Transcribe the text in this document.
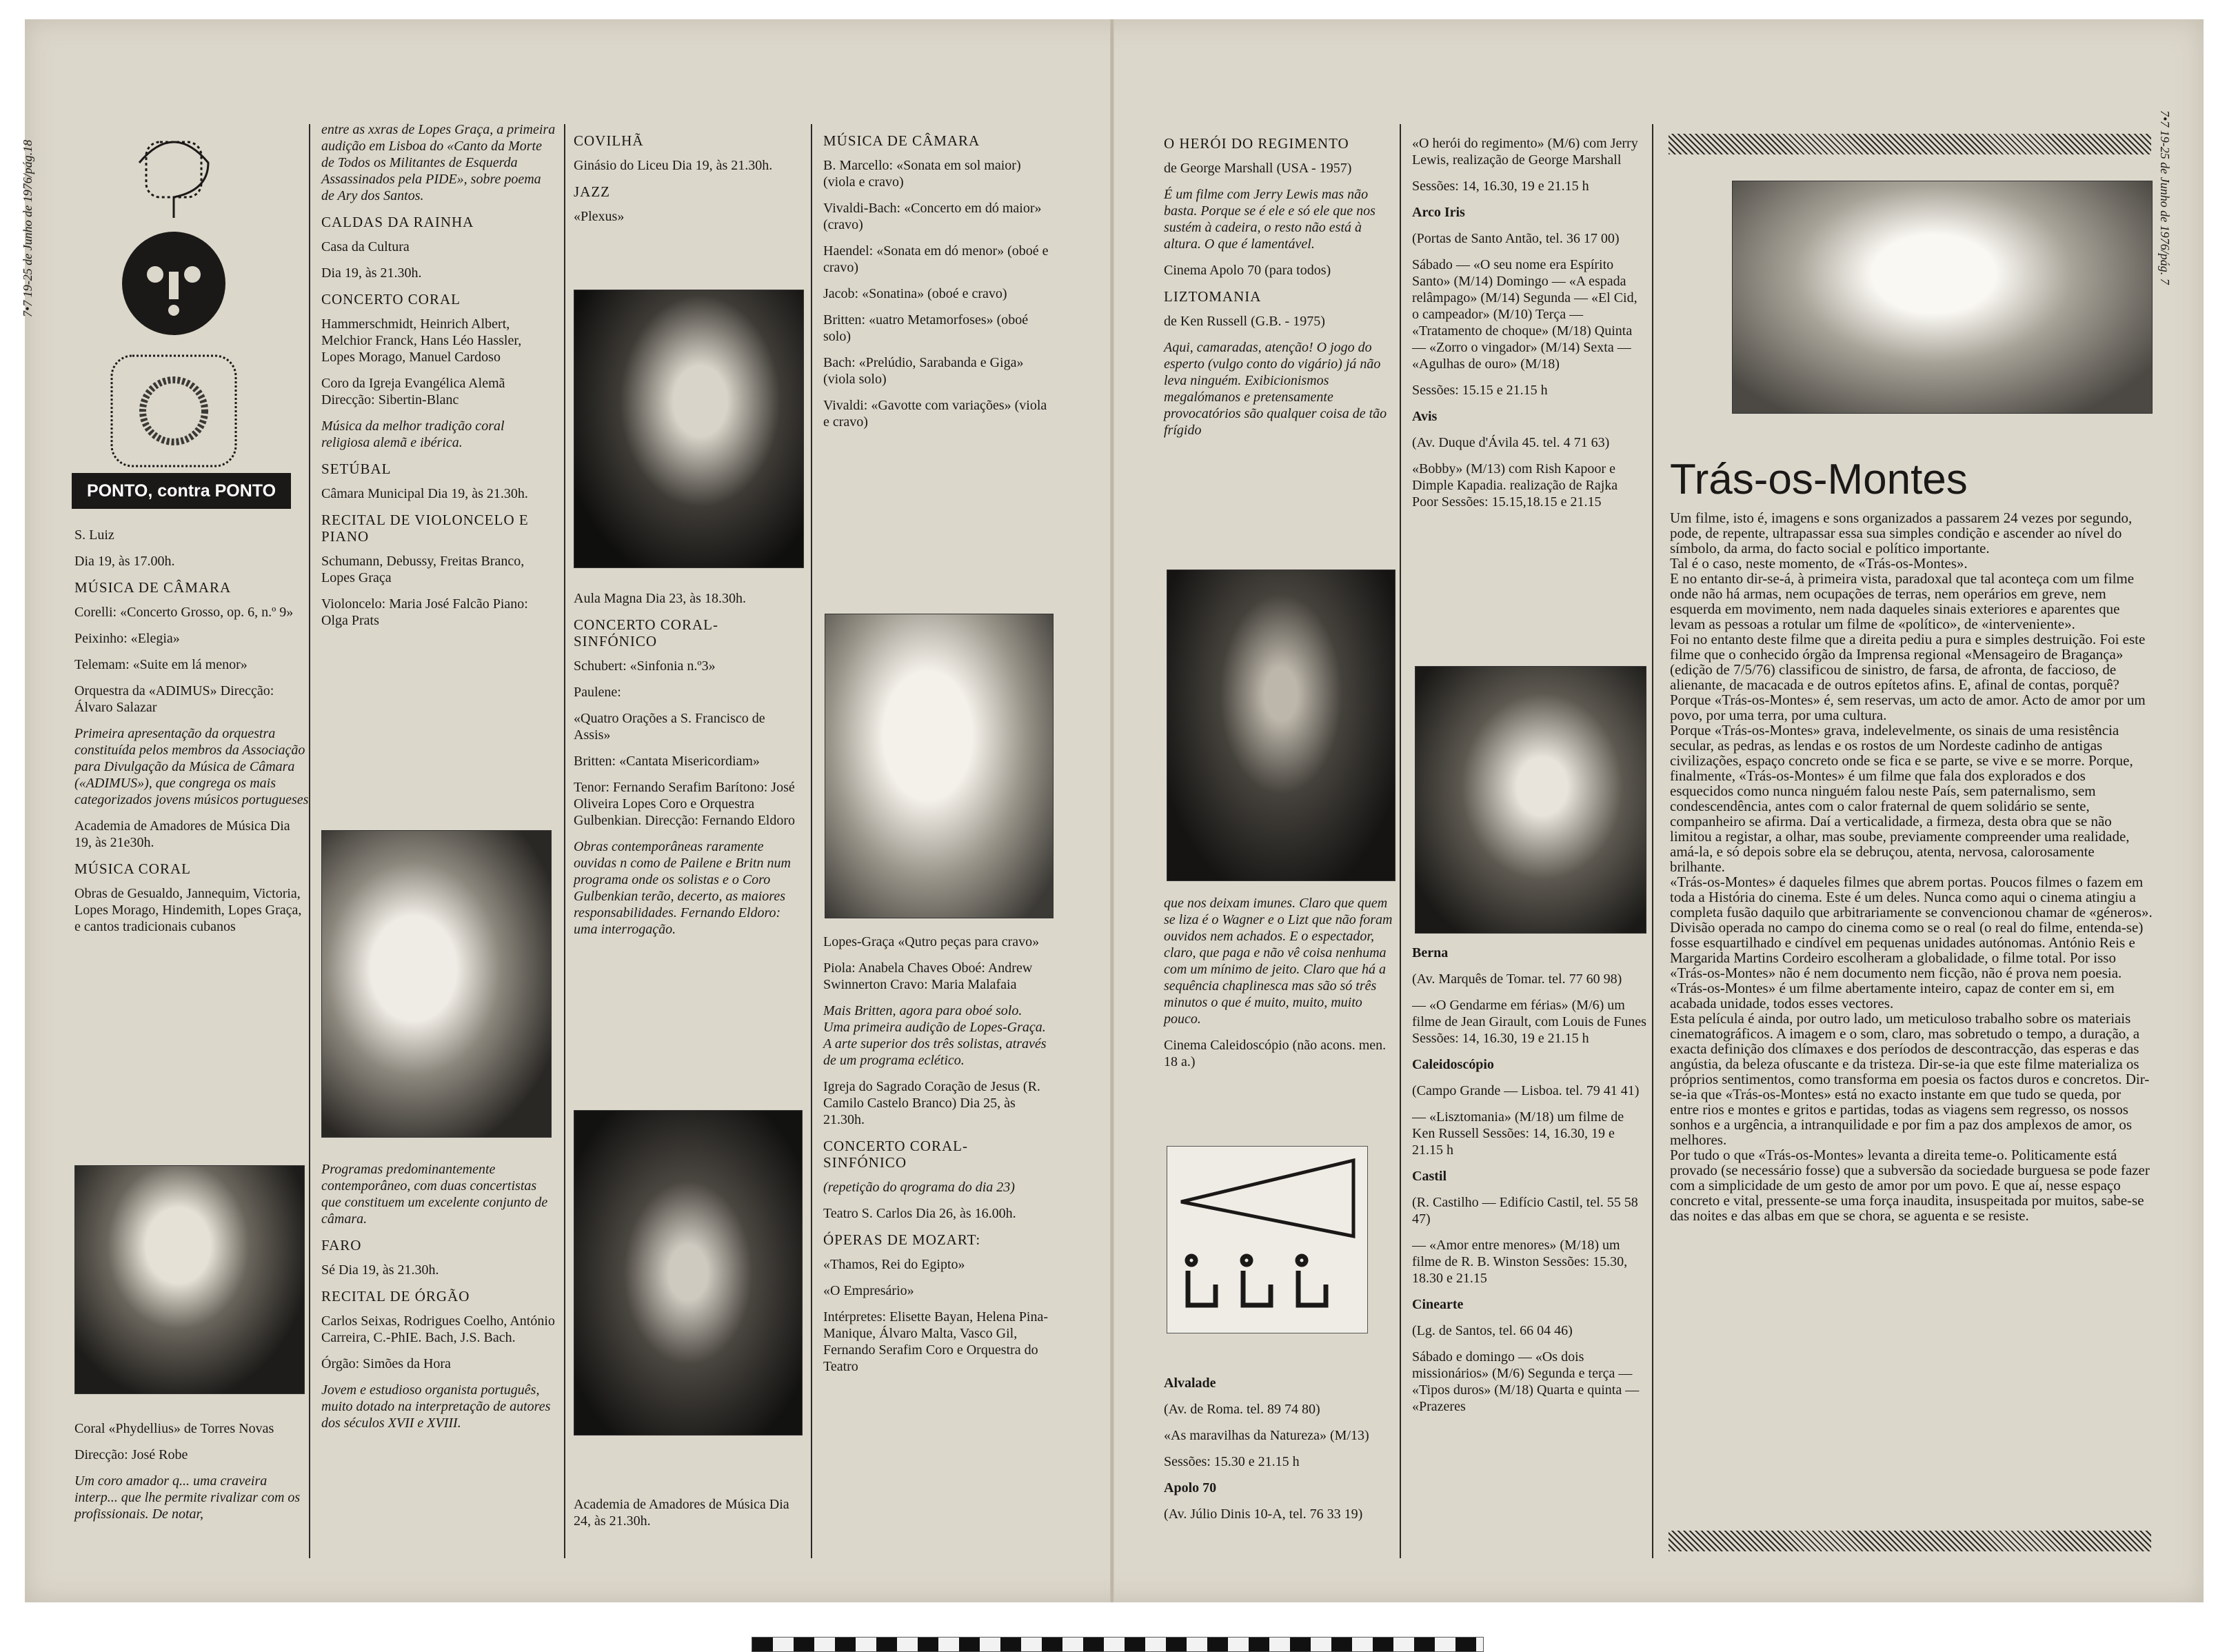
7•7 19-25 de Junho de 1976/pág.18
PONTO, contra PONTO

S. Luiz

Dia 19, às 17.00h.

MÚSICA DE CÂMARA

Corelli: «Concerto Grosso, op. 6, n.º 9»

Peixinho: «Elegia»

Telemam: «Suite em lá menor»

Orquestra da «ADIMUS» Direcção: Álvaro Salazar

Primeira apresentação da orquestra constituída pelos membros da Associação para Divulgação da Música de Câmara («ADIMUS»), que congrega os mais categorizados jovens músicos portugueses

Academia de Amadores de Música Dia 19, às 21e30h.

MÚSICA CORAL

Obras de Gesualdo, Jannequim, Victoria, Lopes Morago, Hindemith, Lopes Graça, e cantos tradicionais cubanos

Coral «Phydellius» de Torres Novas

Direcção: José Robe

Um coro amador q... uma craveira interp... que lhe permite rivalizar com os profissionais. De notar,

entre as xxras de Lopes Graça, a primeira audição em Lisboa do «Canto da Morte de Todos os Militantes de Esquerda Assassinados pela PIDE», sobre poema de Ary dos Santos.

CALDAS DA RAINHA

Casa da Cultura

Dia 19, às 21.30h.

CONCERTO CORAL

Hammerschmidt, Heinrich Albert, Melchior Franck, Hans Léo Hassler, Lopes Morago, Manuel Cardoso

Coro da Igreja Evangélica Alemã Direcção: Sibertin-Blanc

Música da melhor tradição coral religiosa alemã e ibérica.

SETÚBAL

Câmara Municipal Dia 19, às 21.30h.

RECITAL DE VIOLONCELO E PIANO

Schumann, Debussy, Freitas Branco, Lopes Graça

Violoncelo: Maria José Falcão Piano: Olga Prats

Programas predominantemente contemporâneo, com duas concertistas que constituem um excelente conjunto de câmara.

FARO

Sé Dia 19, às 21.30h.

RECITAL DE ÓRGÃO

Carlos Seixas, Rodrigues Coelho, António Carreira, C.-PhIE. Bach, J.S. Bach.

Órgão: Simões da Hora

Jovem e estudioso organista português, muito dotado na interpretação de autores dos séculos XVII e XVIII.

COVILHÃ

Ginásio do Liceu Dia 19, às 21.30h.

JAZZ

«Plexus»

Aula Magna Dia 23, às 18.30h.

CONCERTO CORAL-SINFÓNICO

Schubert: «Sinfonia n.º3»

Paulene:

«Quatro Orações a S. Francisco de Assis»

Britten: «Cantata Misericordiam»

Tenor: Fernando Serafim Barítono: José Oliveira Lopes Coro e Orquestra Gulbenkian. Direcção: Fernando Eldoro

Obras contemporâneas raramente ouvidas n como de Pailene e Britn num programa onde os solistas e o Coro Gulbenkian terão, decerto, as maiores responsabilidades. Fernando Eldoro: uma interrogação.

Academia de Amadores de Música Dia 24, às 21.30h.

MÚSICA DE CÂMARA

B. Marcello: «Sonata em sol maior) (viola e cravo)

Vivaldi-Bach: «Concerto em dó maior» (cravo)

Haendel: «Sonata em dó menor» (oboé e cravo)

Jacob: «Sonatina» (oboé e cravo)

Britten: «uatro Metamorfoses» (oboé solo)

Bach: «Prelúdio, Sarabanda e Giga» (viola solo)

Vivaldi: «Gavotte com variações» (viola e cravo)

Lopes-Graça «Qutro peças para cravo»

Piola: Anabela Chaves Oboé: Andrew Swinnerton Cravo: Maria Malafaia

Mais Britten, agora para oboé solo. Uma primeira audição de Lopes-Graça. A arte superior dos três solistas, através de um programa eclético.

Igreja do Sagrado Coração de Jesus (R. Camilo Castelo Branco) Dia 25, às 21.30h.

CONCERTO CORAL-SINFÓNICO

(repetição do qrograma do dia 23)

Teatro S. Carlos Dia 26, às 16.00h.

ÓPERAS DE MOZART:

«Thamos, Rei do Egipto»

«O Empresário»

Intérpretes: Elisette Bayan, Helena Pina-Manique, Álvaro Malta, Vasco Gil, Fernando Serafim Coro e Orquestra do Teatro

7•7 19-25 de Junho de 1976/pág. 7

O HERÓI DO REGIMENTO

de George Marshall (USA - 1957)

É um filme com Jerry Lewis mas não basta. Porque se é ele e só ele que nos sustém à cadeira, o resto não está à altura. O que é lamentável.

Cinema Apolo 70 (para todos)

LIZTOMANIA

de Ken Russell (G.B. - 1975)

Aqui, camaradas, atenção! O jogo do esperto (vulgo conto do vigário) já não leva ninguém. Exibicionismos megalómanos e pretensamente provocatórios são qualquer coisa de tão frígido

que nos deixam imunes. Claro que quem se liza é o Wagner e o Lizt que não foram ouvidos nem achados. E o espectador, claro, que paga e não vê coisa nenhuma com um mínimo de jeito. Claro que há a sequência chaplinesca mas são só três minutos o que é muito, muito, muito pouco.

Cinema Caleidoscópio (não acons. men. 18 a.)

Alvalade

(Av. de Roma. tel. 89 74 80)

«As maravilhas da Natureza» (M/13)

Sessões: 15.30 e 21.15 h

Apolo 70

(Av. Júlio Dinis 10-A, tel. 76 33 19)

«O herói do regimento» (M/6) com Jerry Lewis, realização de George Marshall

Sessões: 14, 16.30, 19 e 21.15 h

Arco Iris

(Portas de Santo Antão, tel. 36 17 00)

Sábado — «O seu nome era Espírito Santo» (M/14) Domingo — «A espada relâmpago» (M/14) Segunda — «El Cid, o campeador» (M/10) Terça — «Tratamento de choque» (M/18) Quinta — «Zorro o vingador» (M/14) Sexta — «Agulhas de ouro» (M/18)

Sessões: 15.15 e 21.15 h

Avis

(Av. Duque d'Ávila 45. tel. 4 71 63)

«Bobby» (M/13) com Rish Kapoor e Dimple Kapadia. realização de Rajka Poor Sessões: 15.15,18.15 e 21.15

Berna

(Av. Marquês de Tomar. tel. 77 60 98)

— «O Gendarme em férias» (M/6) um filme de Jean Girault, com Louis de Funes Sessões: 14, 16.30, 19 e 21.15 h

Caleidoscópio

(Campo Grande — Lisboa. tel. 79 41 41)

— «Lisztomania» (M/18) um filme de Ken Russell Sessões: 14, 16.30, 19 e 21.15 h

Castil

(R. Castilho — Edifício Castil, tel. 55 58 47)

— «Amor entre menores» (M/18) um filme de R. B. Winston Sessões: 15.30, 18.30 e 21.15

Cinearte

(Lg. de Santos, tel. 66 04 46)

Sábado e domingo — «Os dois missionários» (M/6) Segunda e terça — «Tipos duros» (M/18) Quarta e quinta — «Prazeres

Trás-os-Montes

Um filme, isto é, imagens e sons organizados a passarem 24 vezes por segundo, pode, de repente, ultrapassar essa sua simples condição e ascender ao nível do símbolo, da arma, do facto social e político importante.

Tal é o caso, neste momento, de «Trás-os-Montes».

E no entanto dir-se-á, à primeira vista, paradoxal que tal aconteça com um filme onde não há armas, nem ocupações de terras, nem operários em greve, nem esquerda em movimento, nem nada daqueles sinais exteriores e aparentes que levam as pessoas a rotular um filme de «político», de «interveniente».

Foi no entanto deste filme que a direita pediu a pura e simples destruição. Foi este filme que o conhecido órgão da Imprensa regional «Mensageiro de Bragança» (edição de 7/5/76) classificou de sinistro, de farsa, de afronta, de faccioso, de alienante, de macacada e de outros epítetos afins. E, afinal de contas, porquê?

Porque «Trás-os-Montes» é, sem reservas, um acto de amor. Acto de amor por um povo, por uma terra, por uma cultura.

Porque «Trás-os-Montes» grava, indelevelmente, os sinais de uma resistência secular, as pedras, as lendas e os rostos de um Nordeste cadinho de antigas civilizações, espaço concreto onde se fica e se parte, se vive e se morre. Porque, finalmente, «Trás-os-Montes» é um filme que fala dos explorados e dos esquecidos como nunca ninguém falou neste País, sem paternalismo, sem condescendência, antes com o calor fraternal de quem solidário se sente, companheiro se afirma. Daí a verticalidade, a firmeza, desta obra que se não limitou a registar, a olhar, mas soube, previamente compreender uma realidade, amá-la, e só depois sobre ela se debruçou, atenta, nervosa, calorosamente brilhante.

«Trás-os-Montes» é daqueles filmes que abrem portas. Poucos filmes o fazem em toda a História do cinema. Este é um deles. Nunca como aqui o cinema atingiu a completa fusão daquilo que arbitrariamente se convencionou chamar de «géneros». Divisão operada no campo do cinema como se o real (o real do filme, entenda-se) fosse esquartilhado e cindível em pequenas unidades autónomas. António Reis e Margarida Martins Cordeiro escolheram a globalidade, o filme total. Por isso «Trás-os-Montes» não é nem documento nem ficção, não é prova nem poesia. «Trás-os-Montes» é um filme abertamente inteiro, capaz de conter em si, em acabada unidade, todos esses vectores.

Esta película é ainda, por outro lado, um meticuloso trabalho sobre os materiais cinematográficos. A imagem e o som, claro, mas sobretudo o tempo, a duração, a exacta definição dos clímaxes e dos períodos de descontracção, das esperas e das angústia, da beleza ofuscante e da tristeza. Dir-se-ia que este filme materializa os próprios sentimentos, como transforma em poesia os factos duros e concretos. Dir-se-ia que «Trás-os-Montes» está no exacto instante em que tudo se queda, por entre rios e montes e gritos e partidas, todas as viagens sem regresso, os nossos sonhos e a urgência, a intranquilidade e por fim a paz dos amplexos de amor, os melhores.

Por tudo o que «Trás-os-Montes» levanta a direita teme-o. Politicamente está provado (se necessário fosse) que a subversão da sociedade burguesa se pode fazer com a simplicidade de um gesto de amor por um povo. E que aí, nesse espaço concreto e vital, pressente-se uma força inaudita, insuspeitada por muitos, sabe-se das noites e das albas em que se chora, se aguenta e se resiste.
